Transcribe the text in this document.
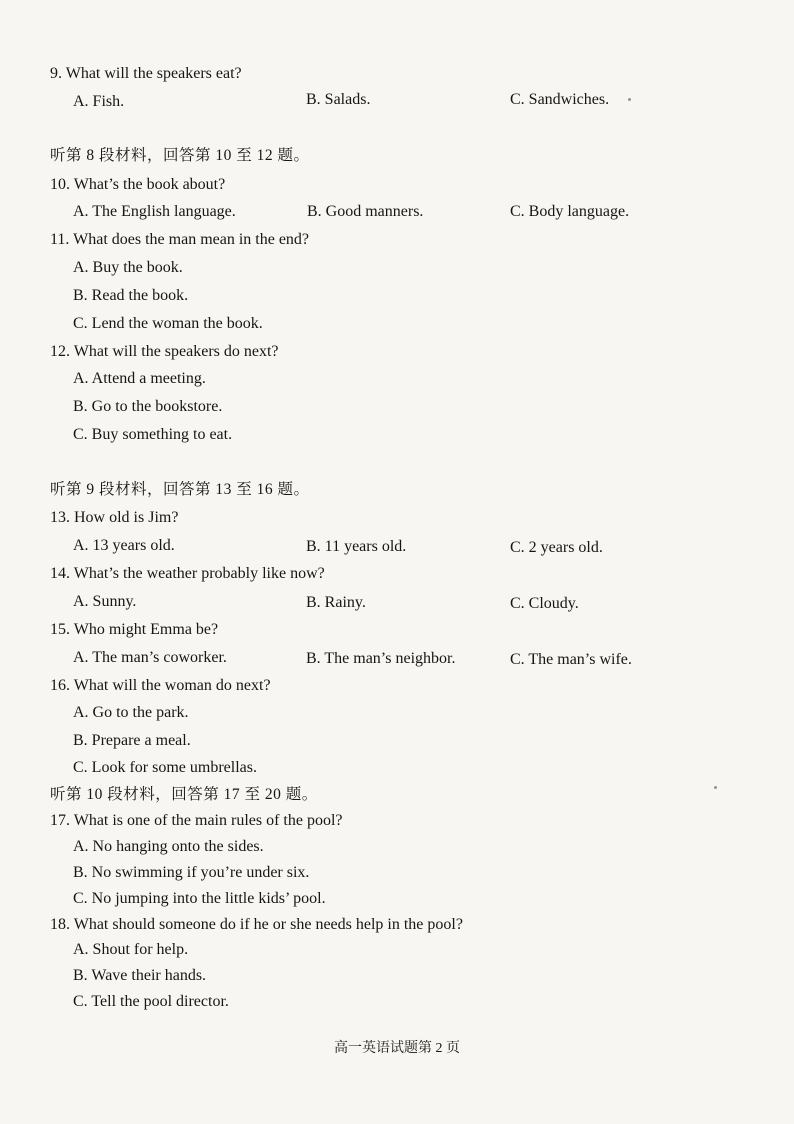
9. What will the speakers eat?
A. Fish.	B. Salads.	C. Sandwiches.
听第 8 段材料，回答第 10 至 12 题。
10. What’s the book about?
A. The English language.	B. Good manners.	C. Body language.
11. What does the man mean in the end?
A. Buy the book.
B. Read the book.
C. Lend the woman the book.
12. What will the speakers do next?
A. Attend a meeting.
B. Go to the bookstore.
C. Buy something to eat.
听第 9 段材料，回答第 13 至 16 题。
13. How old is Jim?
A. 13 years old.	B. 11 years old.	C. 2 years old.
14. What’s the weather probably like now?
A. Sunny.	B. Rainy.	C. Cloudy.
15. Who might Emma be?
A. The man’s coworker.	B. The man’s neighbor.	C. The man’s wife.
16. What will the woman do next?
A. Go to the park.
B. Prepare a meal.
C. Look for some umbrellas.
听第 10 段材料，回答第 17 至 20 题。
17. What is one of the main rules of the pool?
A. No hanging onto the sides.
B. No swimming if you’re under six.
C. No jumping into the little kids’ pool.
18. What should someone do if he or she needs help in the pool?
A. Shout for help.
B. Wave their hands.
C. Tell the pool director.
高一英语试题第 2 页
